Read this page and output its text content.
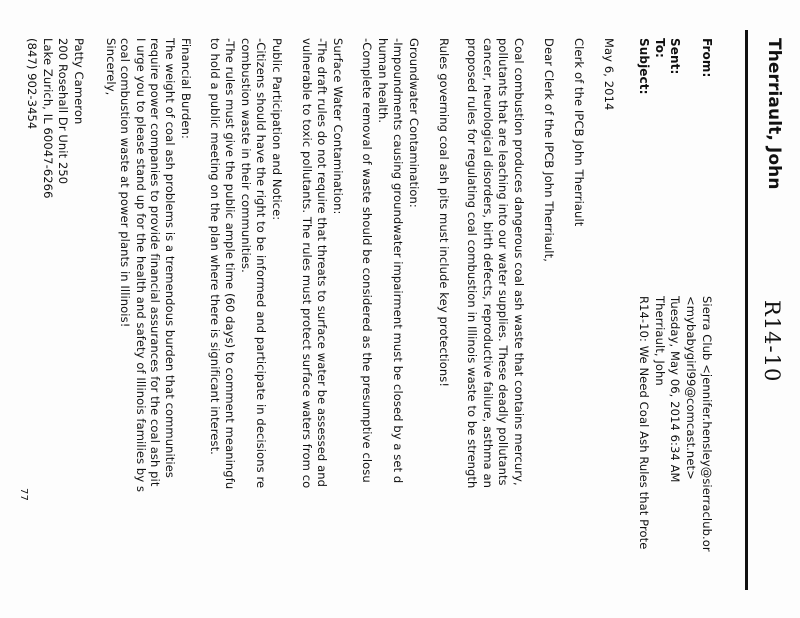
Therriault, John
R14-10
From:
Sierra Club <jennifer.hensley@sierraclub.or
<mybabygirl99@comcast.net>
Sent:
Tuesday, May 06, 2014 6:34 AM
To:
Therriault, John
Subject:
R14-10: We Need Coal Ash Rules that Prote
May 6, 2014
Clerk of the IPCB John Therriault
Dear Clerk of the IPCB John Therriault,
Coal combustion produces dangerous coal ash waste that contains mercury,
pollutants that are leaching into our water supplies. These deadly pollutants
cancer, neurological disorders, birth defects, reproductive failure, asthma an
proposed rules for regulating coal combustion in Illinois waste to be strength
Rules governing coal ash pits must include key protections!
Groundwater Contamination:
-Impoundments causing groundwater impairment must be closed by a set d
human health.
-Complete removal of waste should be considered as the presumptive closu
Surface Water Contamination:
-The draft rules do not require that threats to surface water be assessed and
vulnerable to toxic pollutants. The rules must protect surface waters from co
Public Participation and Notice:
-Citizens should have the right to be informed and participate in decisions re
combustion waste in their communities.
-The rules must give the public ample time (60 days) to comment meaningfu
to hold a public meeting on the plan where there is significant interest.
Financial Burden:
The weight of coal ash problems is a tremendous burden that communities
require power companies to provide financial assurances for the coal ash pit
I urge you to please stand up for the health and safety of Illinois families by s
coal combustion waste at power plants in Illinois!
Sincerely,
Patty Cameron
200 Rosehall Dr Unit 250
Lake Zurich, IL 60047-6266
(847) 902-3454
77
